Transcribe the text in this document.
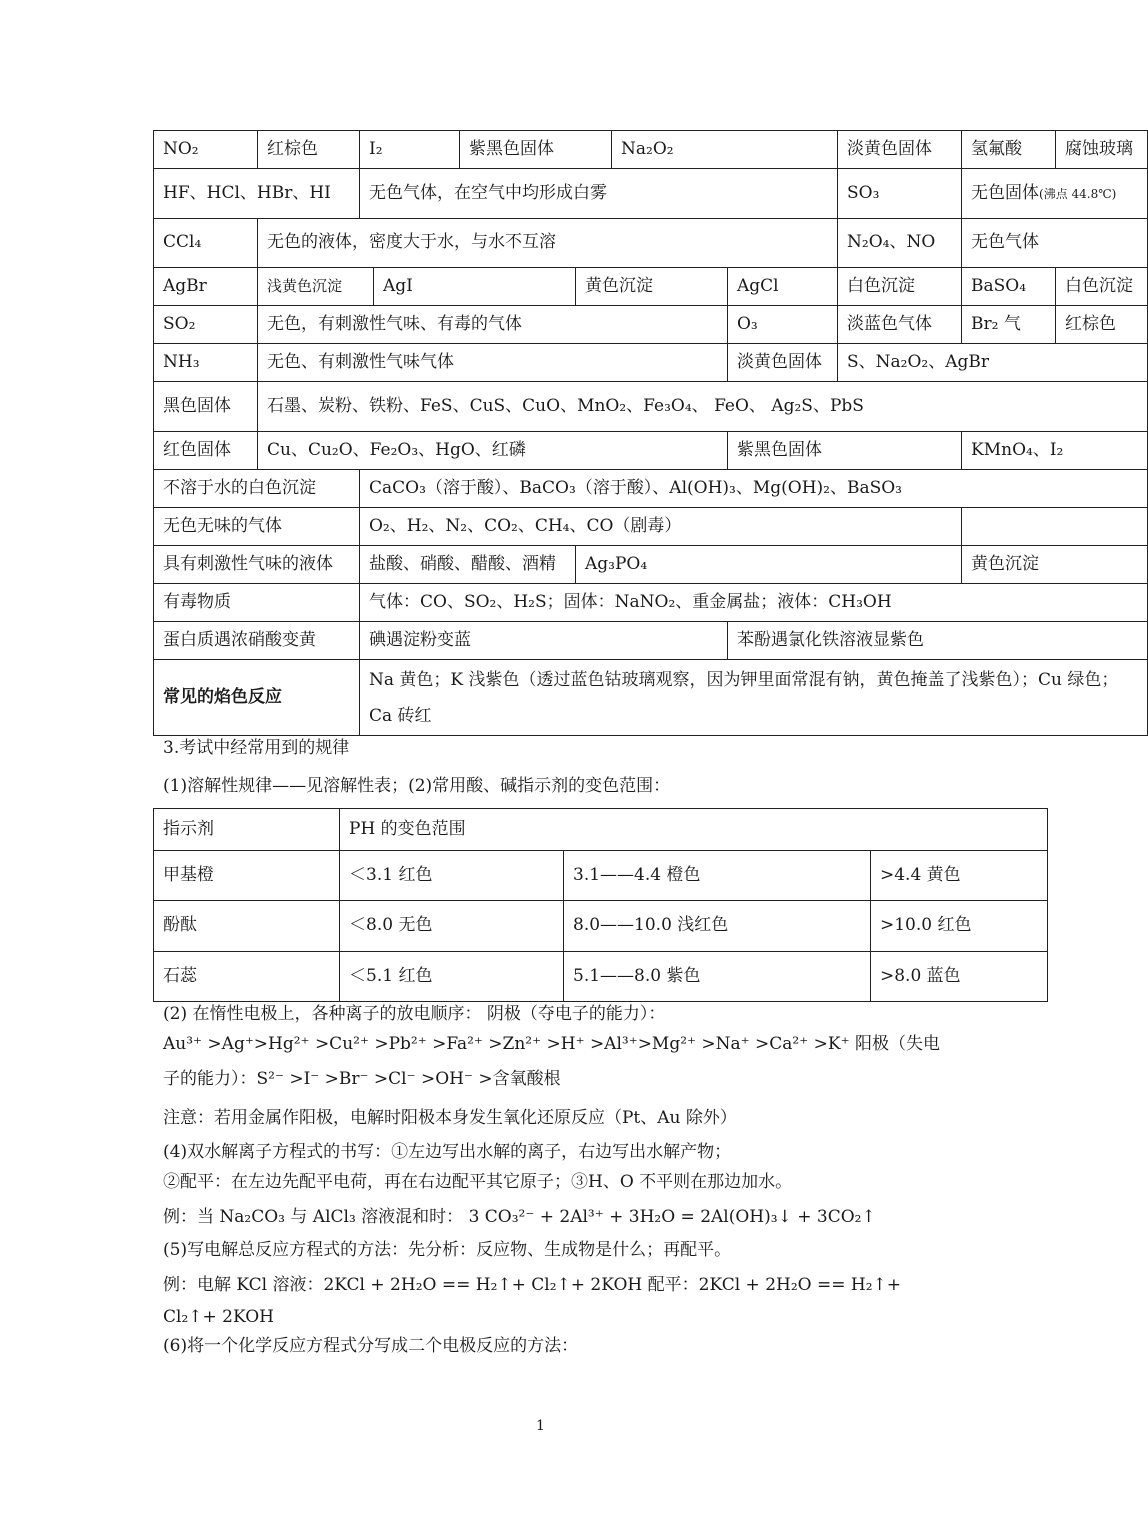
NO₂	红棕色	I₂		紫黑色固体		Na₂O₂		淡黄色固体	氢氟酸	腐蚀玻璃
HF、HCl、HBr、HI		无色气体，在空气中均形成白雾						SO₃	无色固体(沸点 44.8℃)	
CCl₄	无色的液体，密度大于水，与水不互溶							N₂O₄、NO	无色气体	
AgBr	浅黄色沉淀		AgI		黄色沉淀		AgCl	白色沉淀	BaSO₄	白色沉淀
SO₂	无色，有刺激性气味、有毒的气体						O₃	淡蓝色气体	Br₂ 气	红棕色
NH₃	无色、有刺激性气味气体						淡黄色固体	S、Na₂O₂、AgBr		
黑色固体	石墨、炭粉、铁粉、FeS、CuS、CuO、MnO₂、Fe₃O₄、 FeO、 Ag₂S、PbS									
红色固体	Cu、Cu₂O、Fe₂O₃、HgO、红磷						紫黑色固体		KMnO₄、I₂	
不溶于水的白色沉淀		CaCO₃（溶于酸）、BaCO₃（溶于酸）、Al(OH)₃、Mg(OH)₂、BaSO₃								
无色无味的气体		O₂、H₂、N₂、CO₂、CH₄、CO（剧毒）								
具有刺激性气味的液体		盐酸、硝酸、醋酸、酒精			Ag₃PO₄				黄色沉淀	
有毒物质		气体：CO、SO₂、H₂S；固体：NaNO₂、重金属盐；液体：CH₃OH								
蛋白质遇浓硝酸变黄		碘遇淀粉变蓝					苯酚遇氯化铁溶液显紫色			
常见的焰色反应		Na 黄色；K 浅紫色（透过蓝色钴玻璃观察，因为钾里面常混有钠，黄色掩盖了浅紫色）；Cu 绿色； Ca 砖红								
3.考试中经常用到的规律
(1)溶解性规律——见溶解性表；(2)常用酸、碱指示剂的变色范围：
指示剂	PH 的变色范围		
甲基橙	＜3.1 红色	3.1——4.4 橙色	>4.4 黄色
酚酞	＜8.0 无色	8.0——10.0 浅红色	>10.0 红色
石蕊	＜5.1 红色	5.1——8.0 紫色	>8.0 蓝色
(2) 在惰性电极上，各种离子的放电顺序： 阴极（夺电子的能力）：
Au³⁺ >Ag⁺>Hg²⁺ >Cu²⁺ >Pb²⁺ >Fa²⁺ >Zn²⁺ >H⁺ >Al³⁺>Mg²⁺ >Na⁺ >Ca²⁺ >K⁺ 阳极（失电
子的能力）：S²⁻ >I⁻ >Br⁻ >Cl⁻ >OH⁻ >含氧酸根
注意：若用金属作阳极，电解时阳极本身发生氧化还原反应（Pt、Au 除外）
(4)双水解离子方程式的书写：①左边写出水解的离子，右边写出水解产物；
②配平：在左边先配平电荷，再在右边配平其它原子；③H、O 不平则在那边加水。
例：当 Na₂CO₃ 与 AlCl₃ 溶液混和时： 3 CO₃²⁻ + 2Al³⁺ + 3H₂O = 2Al(OH)₃↓ + 3CO₂↑
(5)写电解总反应方程式的方法：先分析：反应物、生成物是什么；再配平。
例：电解 KCl 溶液：2KCl + 2H₂O == H₂↑+ Cl₂↑+ 2KOH 配平：2KCl + 2H₂O == H₂↑+
Cl₂↑+ 2KOH
(6)将一个化学反应方程式分写成二个电极反应的方法：
1
